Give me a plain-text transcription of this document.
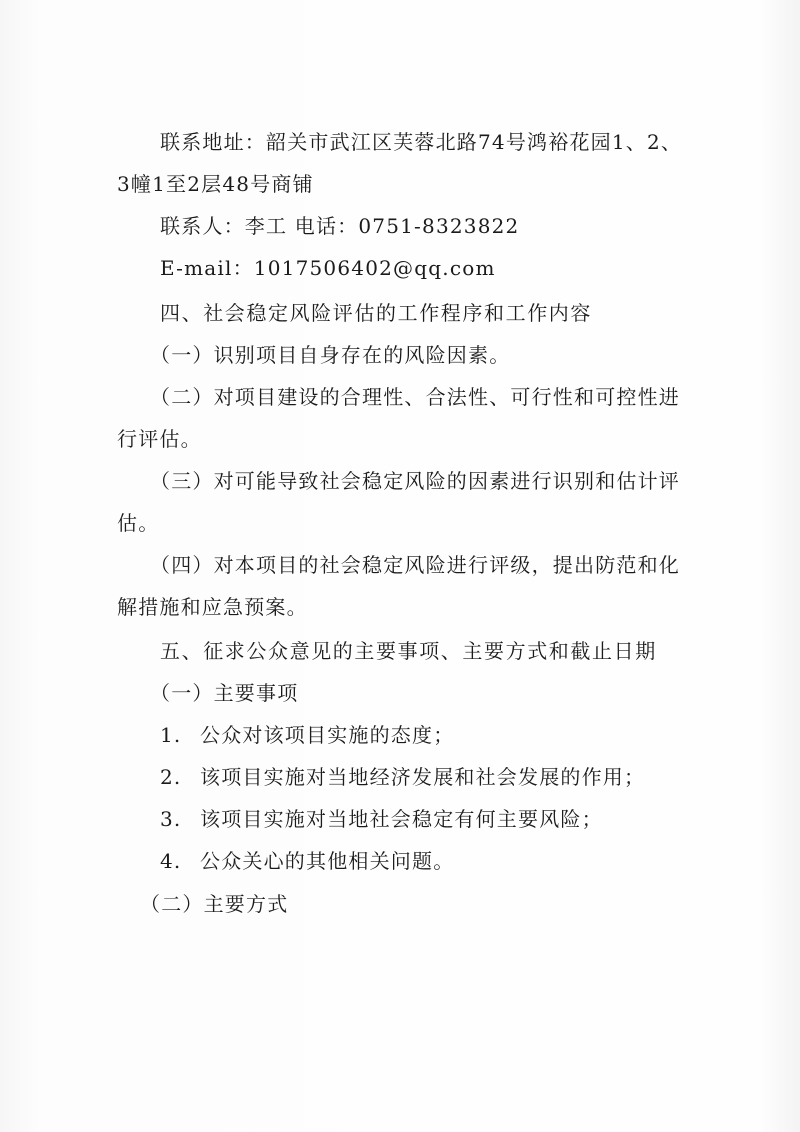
联系地址：韶关市武江区芙蓉北路74号鸿裕花园1、2、
3幢1至2层48号商铺
联系人：李工 电话：0751-8323822
E-mail：1017506402@qq.com
四、社会稳定风险评估的工作程序和工作内容
（一）识别项目自身存在的风险因素。
（二）对项目建设的合理性、合法性、可行性和可控性进
行评估。
（三）对可能导致社会稳定风险的因素进行识别和估计评
估。
（四）对本项目的社会稳定风险进行评级，提出防范和化
解措施和应急预案。
五、征求公众意见的主要事项、主要方式和截止日期
（一）主要事项
1. 公众对该项目实施的态度；
2. 该项目实施对当地经济发展和社会发展的作用；
3. 该项目实施对当地社会稳定有何主要风险；
4. 公众关心的其他相关问题。
（二）主要方式
